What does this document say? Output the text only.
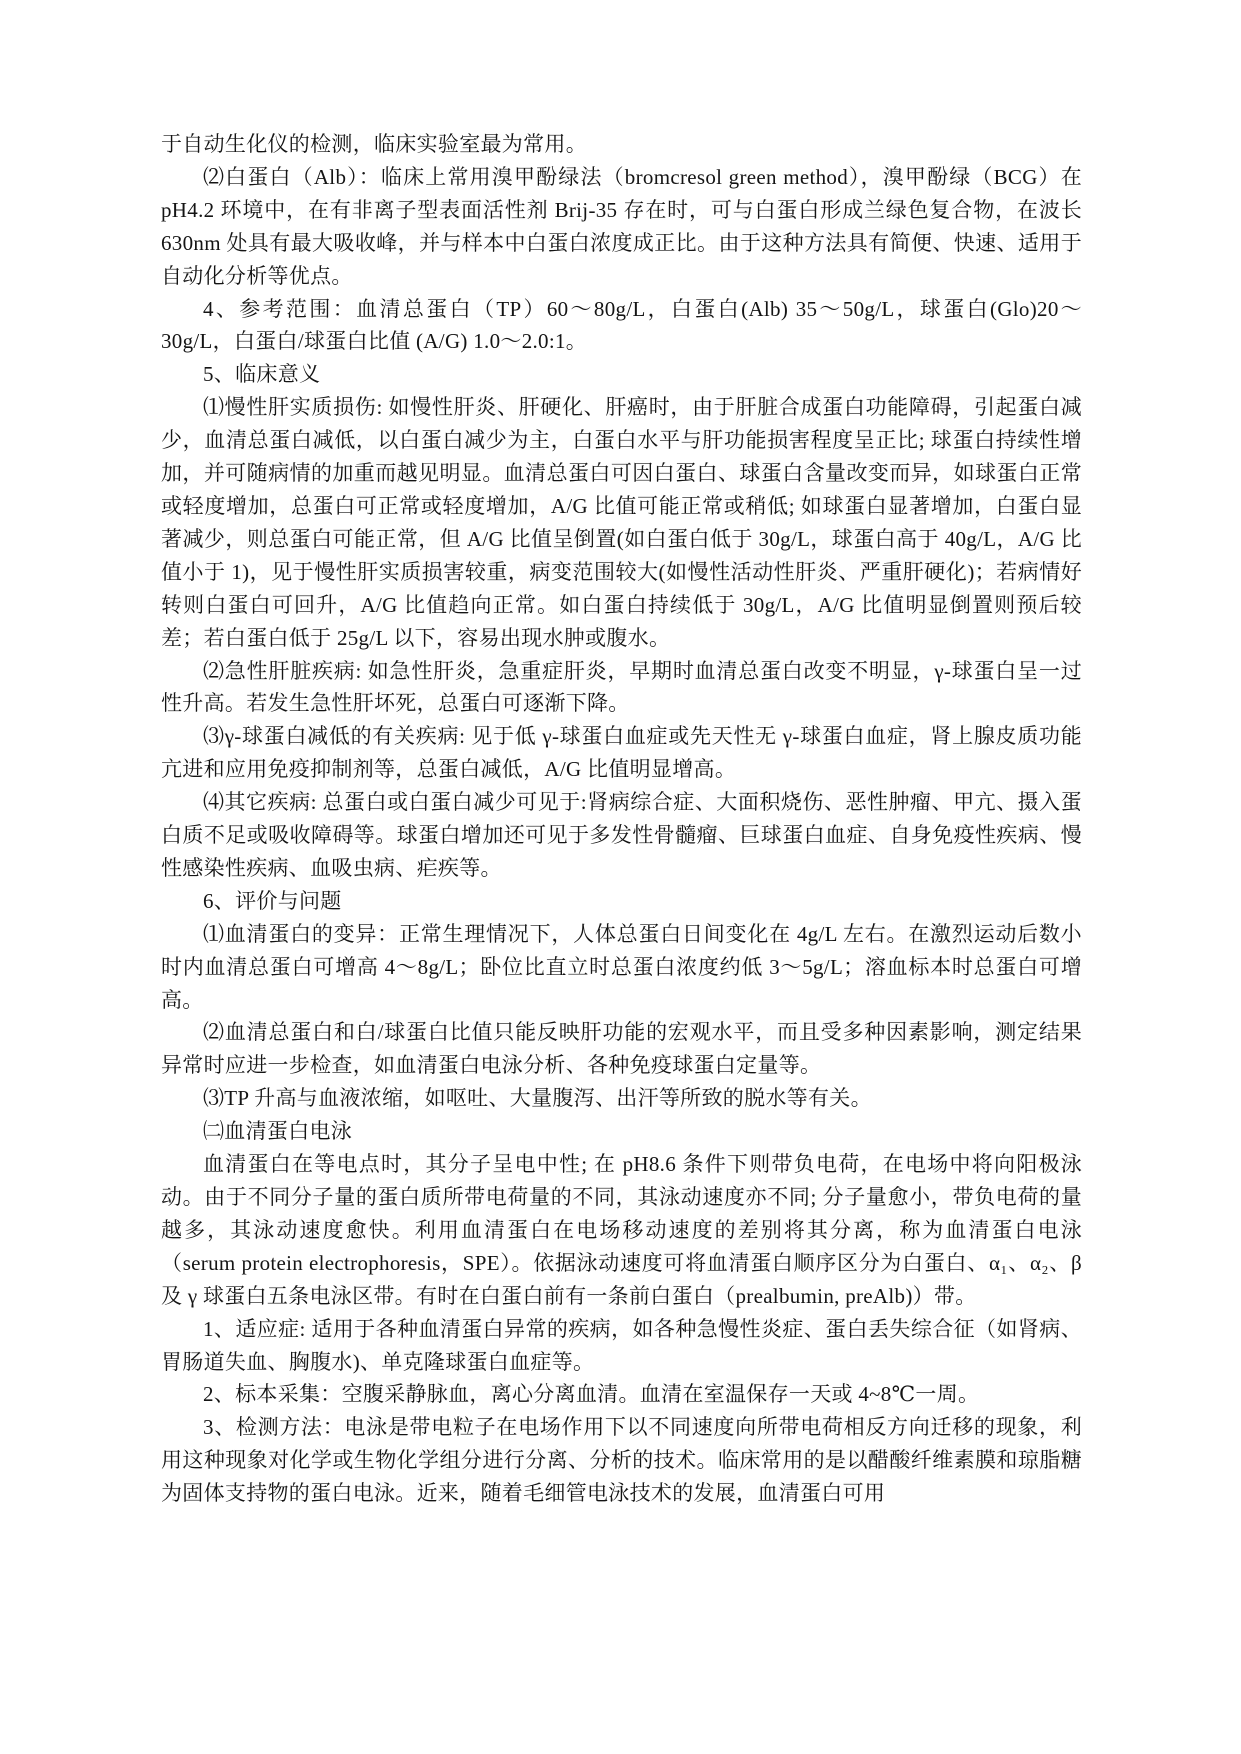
于自动生化仪的检测，临床实验室最为常用。

⑵白蛋白（Alb）：临床上常用溴甲酚绿法（bromcresol green method），溴甲酚绿（BCG）在 pH4.2 环境中，在有非离子型表面活性剂 Brij-35 存在时，可与白蛋白形成兰绿色复合物，在波长 630nm 处具有最大吸收峰，并与样本中白蛋白浓度成正比。由于这种方法具有简便、快速、适用于自动化分析等优点。

4、参考范围：血清总蛋白（TP）60～80g/L，白蛋白(Alb) 35～50g/L，球蛋白(Glo)20～30g/L，白蛋白/球蛋白比值 (A/G) 1.0～2.0:1。

5、临床意义

⑴慢性肝实质损伤: 如慢性肝炎、肝硬化、肝癌时，由于肝脏合成蛋白功能障碍，引起蛋白减少，血清总蛋白减低，以白蛋白减少为主，白蛋白水平与肝功能损害程度呈正比; 球蛋白持续性增加，并可随病情的加重而越见明显。血清总蛋白可因白蛋白、球蛋白含量改变而异，如球蛋白正常或轻度增加，总蛋白可正常或轻度增加，A/G 比值可能正常或稍低; 如球蛋白显著增加，白蛋白显著减少，则总蛋白可能正常，但 A/G 比值呈倒置(如白蛋白低于 30g/L，球蛋白高于 40g/L，A/G 比值小于 1)，见于慢性肝实质损害较重，病变范围较大(如慢性活动性肝炎、严重肝硬化)；若病情好转则白蛋白可回升，A/G 比值趋向正常。如白蛋白持续低于 30g/L，A/G 比值明显倒置则预后较差；若白蛋白低于 25g/L 以下，容易出现水肿或腹水。

⑵急性肝脏疾病: 如急性肝炎，急重症肝炎，早期时血清总蛋白改变不明显，γ-球蛋白呈一过性升高。若发生急性肝坏死，总蛋白可逐渐下降。

⑶γ-球蛋白减低的有关疾病: 见于低 γ-球蛋白血症或先天性无 γ-球蛋白血症，肾上腺皮质功能亢进和应用免疫抑制剂等，总蛋白减低，A/G 比值明显增高。

⑷其它疾病: 总蛋白或白蛋白减少可见于:肾病综合症、大面积烧伤、恶性肿瘤、甲亢、摄入蛋白质不足或吸收障碍等。球蛋白增加还可见于多发性骨髓瘤、巨球蛋白血症、自身免疫性疾病、慢性感染性疾病、血吸虫病、疟疾等。

6、评价与问题

⑴血清蛋白的变异：正常生理情况下，人体总蛋白日间变化在 4g/L 左右。在激烈运动后数小时内血清总蛋白可增高 4～8g/L；卧位比直立时总蛋白浓度约低 3～5g/L；溶血标本时总蛋白可增高。

⑵血清总蛋白和白/球蛋白比值只能反映肝功能的宏观水平，而且受多种因素影响，测定结果异常时应进一步检查，如血清蛋白电泳分析、各种免疫球蛋白定量等。

⑶TP 升高与血液浓缩，如呕吐、大量腹泻、出汗等所致的脱水等有关。

㈡血清蛋白电泳

血清蛋白在等电点时，其分子呈电中性; 在 pH8.6 条件下则带负电荷，在电场中将向阳极泳动。由于不同分子量的蛋白质所带电荷量的不同，其泳动速度亦不同; 分子量愈小，带负电荷的量越多，其泳动速度愈快。利用血清蛋白在电场移动速度的差别将其分离，称为血清蛋白电泳（serum protein electrophoresis，SPE）。依据泳动速度可将血清蛋白顺序区分为白蛋白、α₁、α₂、β 及 γ 球蛋白五条电泳区带。有时在白蛋白前有一条前白蛋白（prealbumin, preAlb)）带。

1、适应症: 适用于各种血清蛋白异常的疾病，如各种急慢性炎症、蛋白丢失综合征（如肾病、胃肠道失血、胸腹水)、单克隆球蛋白血症等。

2、标本采集：空腹采静脉血，离心分离血清。血清在室温保存一天或 4~8℃一周。

3、检测方法：电泳是带电粒子在电场作用下以不同速度向所带电荷相反方向迁移的现象，利用这种现象对化学或生物化学组分进行分离、分析的技术。临床常用的是以醋酸纤维素膜和琼脂糖为固体支持物的蛋白电泳。近来，随着毛细管电泳技术的发展，血清蛋白可用
